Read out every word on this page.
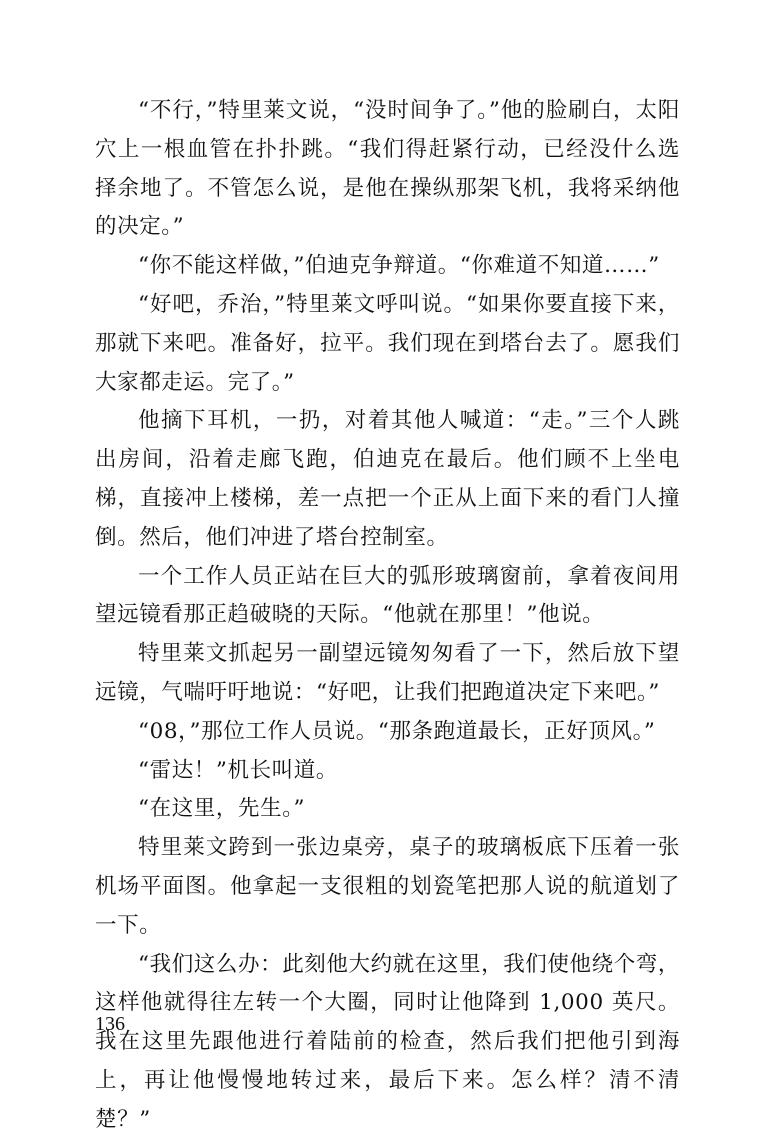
“不行，”特里莱文说，“没时间争了。”他的脸刷白，太阳穴上一根血管在扑扑跳。“我们得赶紧行动，已经没什么选择余地了。不管怎么说，是他在操纵那架飞机，我将采纳他的决定。”

“你不能这样做，”伯迪克争辩道。“你难道不知道……”

“好吧，乔治，”特里莱文呼叫说。“如果你要直接下来，那就下来吧。准备好，拉平。我们现在到塔台去了。愿我们大家都走运。完了。”

他摘下耳机，一扔，对着其他人喊道：“走。”三个人跳出房间，沿着走廊飞跑，伯迪克在最后。他们顾不上坐电梯，直接冲上楼梯，差一点把一个正从上面下来的看门人撞倒。然后，他们冲进了塔台控制室。

一个工作人员正站在巨大的弧形玻璃窗前，拿着夜间用望远镜看那正趋破晓的天际。“他就在那里！”他说。

特里莱文抓起另一副望远镜匆匆看了一下，然后放下望远镜，气喘吁吁地说：“好吧，让我们把跑道决定下来吧。”

“08，”那位工作人员说。“那条跑道最长，正好顶风。”

“雷达！”机长叫道。

“在这里，先生。”

特里莱文跨到一张边桌旁，桌子的玻璃板底下压着一张机场平面图。他拿起一支很粗的划瓷笔把那人说的航道划了一下。

“我们这么办：此刻他大约就在这里，我们使他绕个弯，这样他就得往左转一个大圈，同时让他降到 1,000 英尺。我在这里先跟他进行着陆前的检查，然后我们把他引到海上，再让他慢慢地转过来，最后下来。怎么样？清不清楚？”

136
